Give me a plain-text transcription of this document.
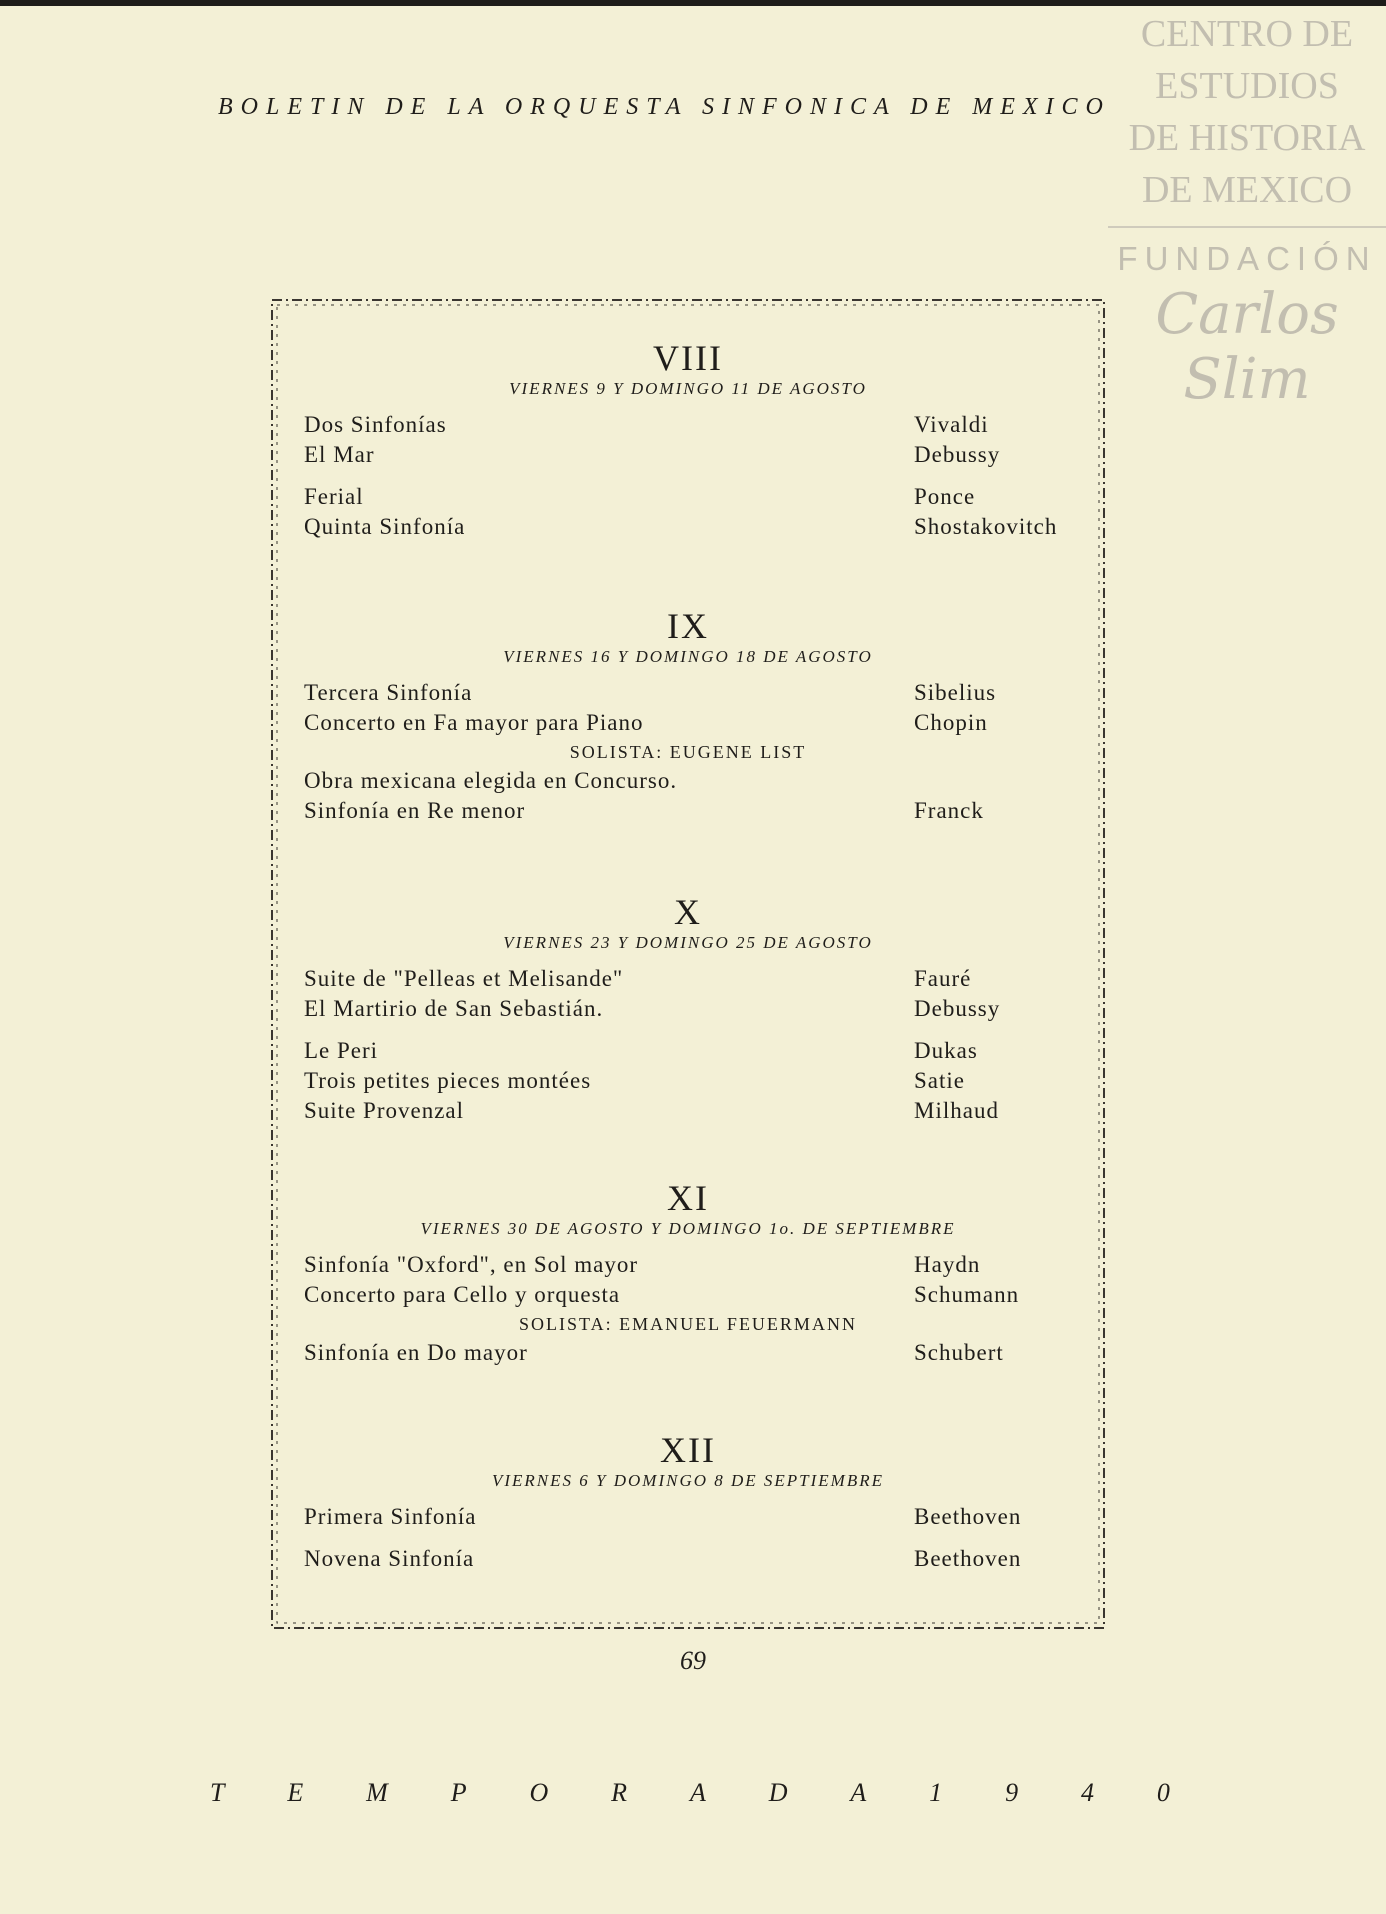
BOLETIN DE LA ORQUESTA SINFONICA DE MEXICO
CENTRO DE
ESTUDIOS
DE HISTORIA
DE MEXICO
FUNDACIÓN
Carlos Slim
VIII
VIERNES 9 Y DOMINGO 11 DE AGOSTO
Dos Sinfonías	Vivaldi
El Mar	Debussy
Ferial	Ponce
Quinta Sinfonía	Shostakovitch
IX
VIERNES 16 Y DOMINGO 18 DE AGOSTO
Tercera Sinfonía	Sibelius
Concerto en Fa mayor para Piano	Chopin
SOLISTA: EUGENE LIST
Obra mexicana elegida en Concurso.
Sinfonía en Re menor	Franck
X
VIERNES 23 Y DOMINGO 25 DE AGOSTO
Suite de "Pelleas et Melisande"	Fauré
El Martirio de San Sebastián.	Debussy
Le Peri	Dukas
Trois petites pieces montées	Satie
Suite Provenzal	Milhaud
XI
VIERNES 30 DE AGOSTO Y DOMINGO 1o. DE SEPTIEMBRE
Sinfonía "Oxford", en Sol mayor	Haydn
Concerto para Cello y orquesta	Schumann
SOLISTA: EMANUEL FEUERMANN
Sinfonía en Do mayor	Schubert
XII
VIERNES 6 Y DOMINGO 8 DE SEPTIEMBRE
Primera Sinfonía	Beethoven
Novena Sinfonía	Beethoven
69
T E M P O R A D A 1 9 4 0
